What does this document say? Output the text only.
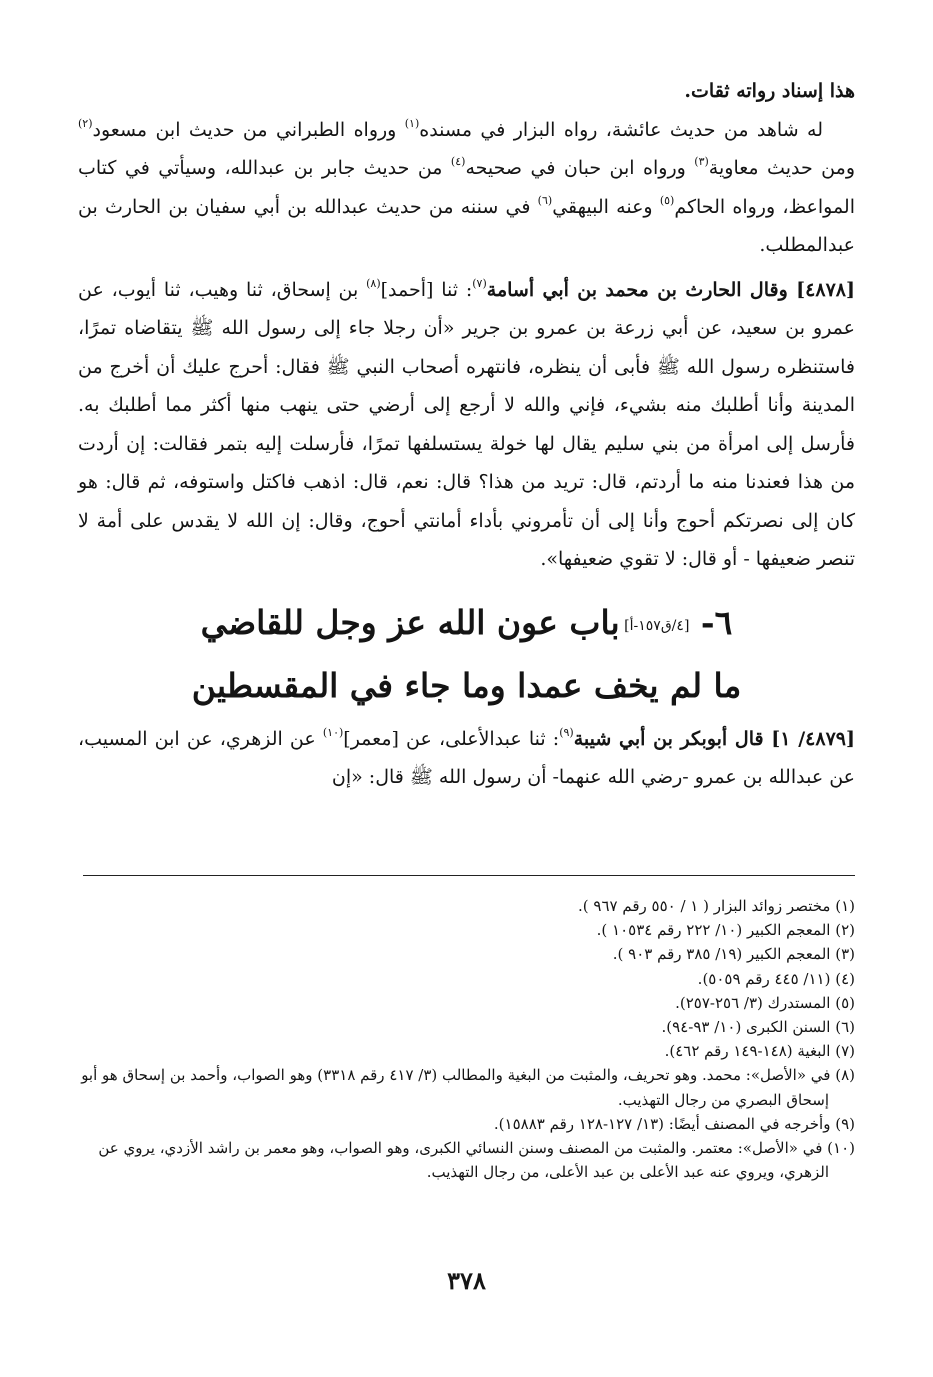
هذا إسناد رواته ثقات.

له شاهد من حديث عائشة، رواه البزار في مسنده$^{(١)}$ ورواه الطبراني من حديث ابن مسعود$^{(٢)}$ ومن حديث معاوية$^{(٣)}$ ورواه ابن حبان في صحيحه$^{(٤)}$ من حديث جابر بن عبدالله، وسيأتي في كتاب المواعظ، ورواه الحاكم$^{(٥)}$ وعنه البيهقي$^{(٦)}$ في سننه من حديث عبدالله بن أبي سفيان بن الحارث بن عبدالمطلب.

[٤٨٧٨] وقال الحارث بن محمد بن أبي أسامة$^{(٧)}$: ثنا [أحمد]$^{(٨)}$ بن إسحاق، ثنا وهيب، ثنا أيوب، عن عمرو بن سعيد، عن أبي زرعة بن عمرو بن جرير «أن رجلا جاء إلى رسول الله ﷺ يتقاضاه تمرًا، فاستنظره رسول الله ﷺ فأبى أن ينظره، فانتهره أصحاب النبي ﷺ فقال: أحرج عليك أن أخرج من المدينة وأنا أطلبك منه بشيء، فإني والله لا أرجع إلى أرضي حتى ينهب منها أكثر مما أطلبك به. فأرسل إلى امرأة من بني سليم يقال لها خولة يستسلفها تمرًا، فأرسلت إليه بتمر فقالت: إن أردت من هذا فعندنا منه ما أردتم، قال: تريد من هذا؟ قال: نعم، قال: اذهب فاكتل واستوفه، ثم قال: هو كان إلى نصرتكم أحوج وأنا إلى أن تأمروني بأداء أمانتي أحوج، وقال: إن الله لا يقدس على أمة لا تنصر ضعيفها - أو قال: لا تقوي ضعيفها».

٦- [٤/ق١٥٧-أ] باب عون الله عز وجل للقاضي
ما لم يخف عمدا وما جاء في المقسطين

[٤٨٧٩/ ١] قال أبوبكر بن أبي شيبة$^{(٩)}$: ثنا عبدالأعلى، عن [معمر]$^{(١٠)}$ عن الزهري، عن ابن المسيب، عن عبدالله بن عمرو -رضي الله عنهما- أن رسول الله ﷺ قال: «إن

(١) مختصر زوائد البزار ( ١ / ٥٥٠ رقم ٩٦٧ ).
(٢) المعجم الكبير (١٠/ ٢٢٢ رقم ١٠٥٣٤ ).
(٣) المعجم الكبير (١٩/ ٣٨٥ رقم ٩٠٣ ).
(٤) (١١/ ٤٤٥ رقم ٥٠٥٩).
(٥) المستدرك (٣/ ٢٥٦-٢٥٧).
(٦) السنن الكبرى (١٠/ ٩٣-٩٤).
(٧) البغية (١٤٨-١٤٩ رقم ٤٦٢).
(٨) في «الأصل»: محمد. وهو تحريف، والمثبت من البغية والمطالب (٣/ ٤١٧ رقم ٣٣١٨) وهو الصواب، وأحمد بن إسحاق هو أبو إسحاق البصري من رجال التهذيب.
(٩) وأخرجه في المصنف أيضًا: (١٣/ ١٢٧-١٢٨ رقم ١٥٨٨٣).
(١٠) في «الأصل»: معتمر. والمثبت من المصنف وسنن النسائي الكبرى، وهو الصواب، وهو معمر بن راشد الأزدي، يروي عن الزهري، ويروي عنه عبد الأعلى بن عبد الأعلى، من رجال التهذيب.
٣٧٨
